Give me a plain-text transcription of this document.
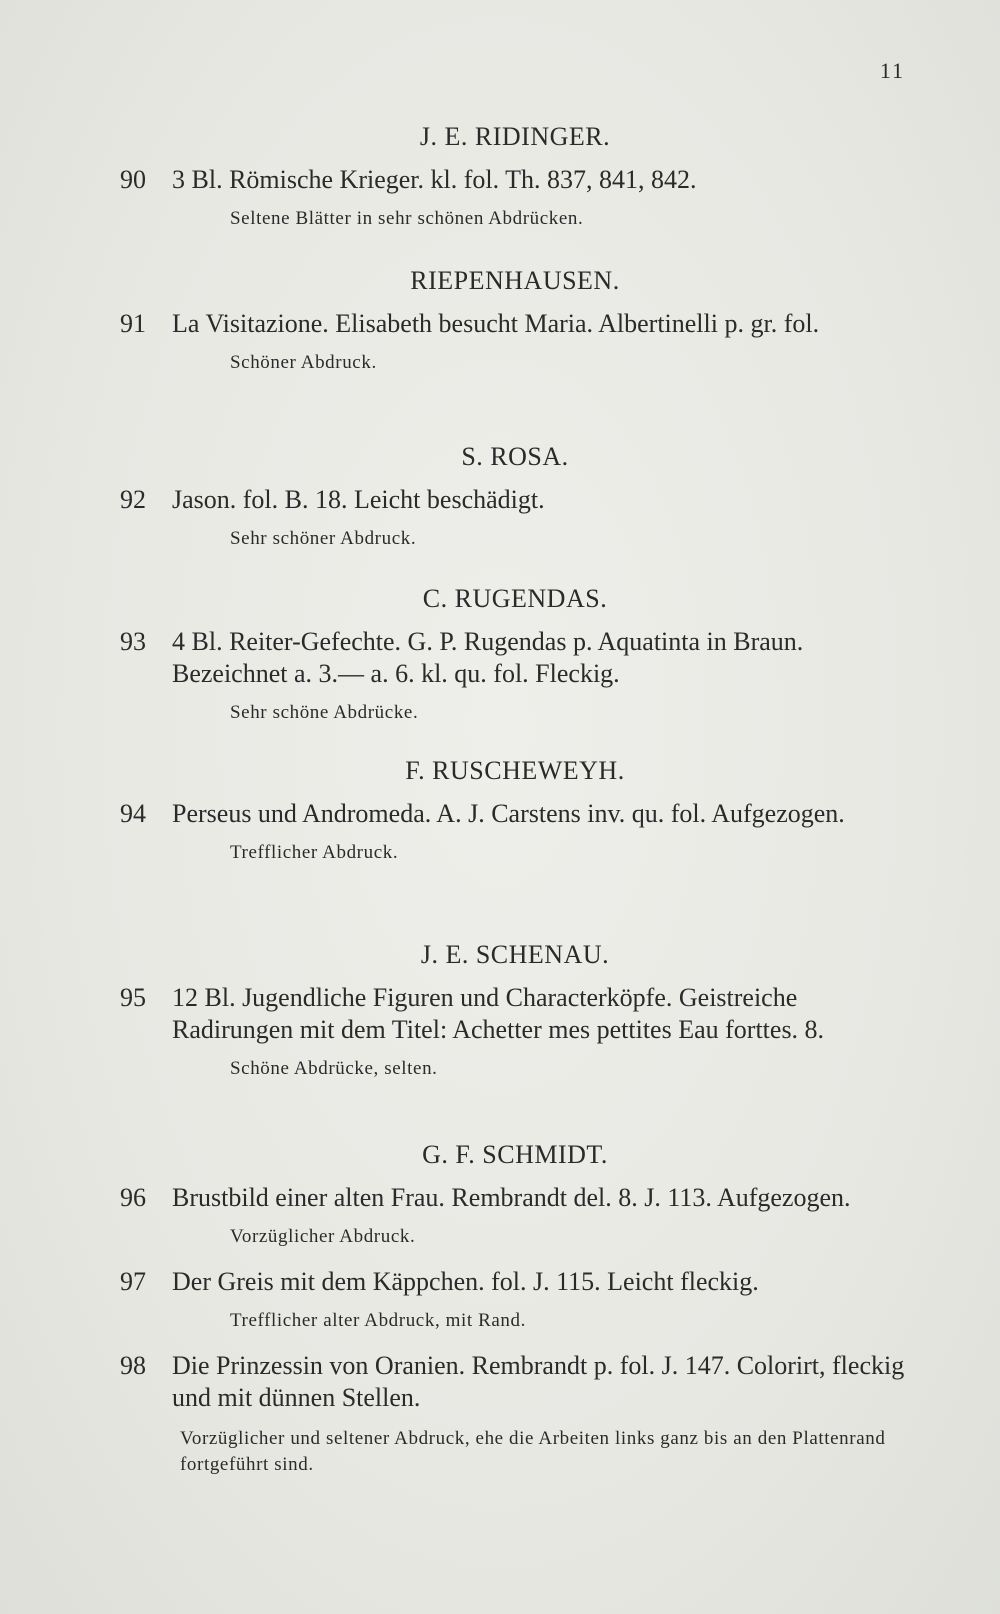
11
J. E. RIDINGER.
90	3 Bl. Römische Krieger. kl. fol. Th. 837, 841, 842.
Seltene Blätter in sehr schönen Abdrücken.
RIEPENHAUSEN.
91	La Visitazione. Elisabeth besucht Maria. Albertinelli p. gr. fol.
Schöner Abdruck.
S. ROSA.
92	Jason. fol. B. 18. Leicht beschädigt.
Sehr schöner Abdruck.
C. RUGENDAS.
93	4 Bl. Reiter-Gefechte. G. P. Rugendas p. Aquatinta in Braun. Bezeichnet a. 3.— a. 6. kl. qu. fol. Fleckig.
Sehr schöne Abdrücke.
F. RUSCHEWEYH.
94	Perseus und Andromeda. A. J. Carstens inv. qu. fol. Aufgezogen.
Trefflicher Abdruck.
J. E. SCHENAU.
95	12 Bl. Jugendliche Figuren und Characterköpfe. Geistreiche Radirungen mit dem Titel: Achetter mes pettites Eau forttes. 8.
Schöne Abdrücke, selten.
G. F. SCHMIDT.
96	Brustbild einer alten Frau. Rembrandt del. 8. J. 113. Aufgezogen.
Vorzüglicher Abdruck.
97	Der Greis mit dem Käppchen. fol. J. 115. Leicht fleckig.
Trefflicher alter Abdruck, mit Rand.
98	Die Prinzessin von Oranien. Rembrandt p. fol. J. 147. Colorirt, fleckig und mit dünnen Stellen.
Vorzüglicher und seltener Abdruck, ehe die Arbeiten links ganz bis an den Plattenrand fortgeführt sind.
